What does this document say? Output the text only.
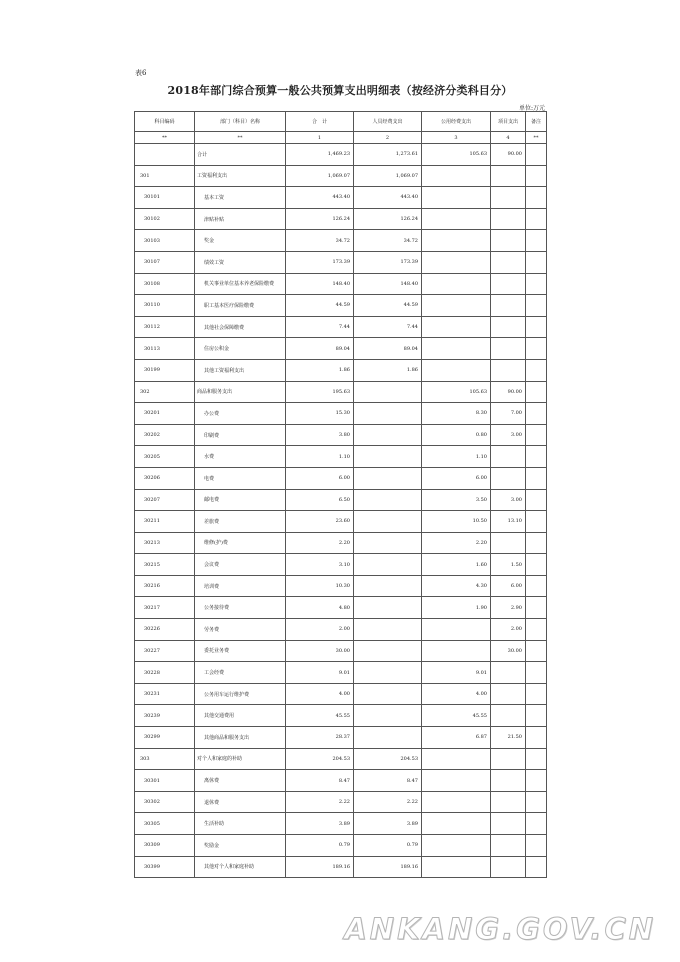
表6
2018年部门综合预算一般公共预算支出明细表（按经济分类科目分）
单位:万元
科目编码	部门（科目）名称	合　计	人员经费支出	公用经费支出	项目支出	备注
**	**	1	2	3	4	**
	合计	1,469.23	1,273.61	105.63	90.00	
301	工资福利支出	1,069.07	1,069.07			
30101	基本工资	443.40	443.40			
30102	津贴补贴	126.24	126.24			
30103	奖金	34.72	34.72			
30107	绩效工资	173.39	173.39			
30108	机关事业单位基本养老保险缴费	148.40	148.40			
30110	职工基本医疗保险缴费	44.59	44.59			
30112	其他社会保障缴费	7.44	7.44			
30113	住房公积金	89.04	89.04			
30199	其他工资福利支出	1.86	1.86			
302	商品和服务支出	195.63		105.63	90.00	
30201	办公费	15.30		8.30	7.00	
30202	印刷费	3.80		0.80	3.00	
30205	水费	1.10		1.10		
30206	电费	6.00		6.00		
30207	邮电费	6.50		3.50	3.00	
30211	差旅费	23.60		10.50	13.10	
30213	维修(护)费	2.20		2.20		
30215	会议费	3.10		1.60	1.50	
30216	培训费	10.30		4.30	6.00	
30217	公务接待费	4.80		1.90	2.90	
30226	劳务费	2.00			2.00	
30227	委托业务费	30.00			30.00	
30228	工会经费	9.01		9.01		
30231	公务用车运行维护费	4.00		4.00		
30239	其他交通费用	45.55		45.55		
30299	其他商品和服务支出	28.37		6.87	21.50	
303	对个人和家庭的补助	204.53	204.53			
30301	离休费	8.47	8.47			
30302	退休费	2.22	2.22			
30305	生活补助	3.89	3.89			
30309	奖励金	0.79	0.79			
30399	其他对个人和家庭补助	189.16	189.16			
ANKANG.GOV.CN
